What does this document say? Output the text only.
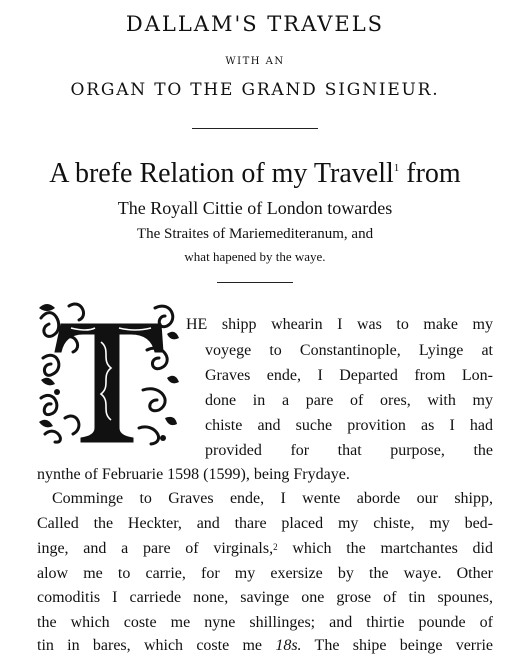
DALLAM'S TRAVELS
WITH AN
ORGAN TO THE GRAND SIGNIEUR.
A brefe Relation of my Travell$^1$ from
The Royall Cittie of London towardes
The Straites of Mariemediteranum, and
what hapened by the waye.
HE shipp whearin I was to make my
voyege to Constantinople, Lyinge at
Graves ende, I Departed from Lon-
done in a pare of ores, with my
chiste and suche provition as I had
provided for that purpose, the
nynthe of Februarie 1598 (1599), being Frydaye.
Comminge to Graves ende, I wente aborde our shipp,
Called the Heckter, and thare placed my chiste, my bed-
inge, and a pare of virginals,$^2$ which the martchantes did
alow me to carrie, for my exersize by the waye. Other
comoditis I carriede none, savinge one grose of tin spounes,
the which coste me nyne shillinges; and thirtie pounde of
tin in bares, which coste me 18s. The shipe beinge verrie
